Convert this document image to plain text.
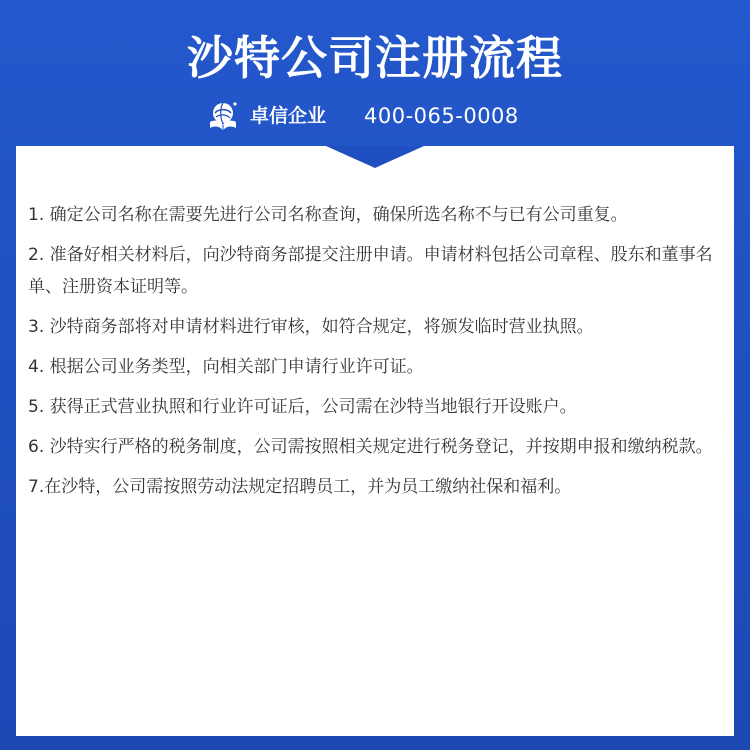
沙特公司注册流程
卓信企业 400-065-0008
1. 确定公司名称在需要先进行公司名称查询，确保所选名称不与已有公司重复。
2. 准备好相关材料后，向沙特商务部提交注册申请。申请材料包括公司章程、股东和董事名单、注册资本证明等。
3. 沙特商务部将对申请材料进行审核，如符合规定，将颁发临时营业执照。
4. 根据公司业务类型，向相关部门申请行业许可证。
5. 获得正式营业执照和行业许可证后，公司需在沙特当地银行开设账户。
6. 沙特实行严格的税务制度，公司需按照相关规定进行税务登记，并按期申报和缴纳税款。
7.在沙特，公司需按照劳动法规定招聘员工，并为员工缴纳社保和福利。
